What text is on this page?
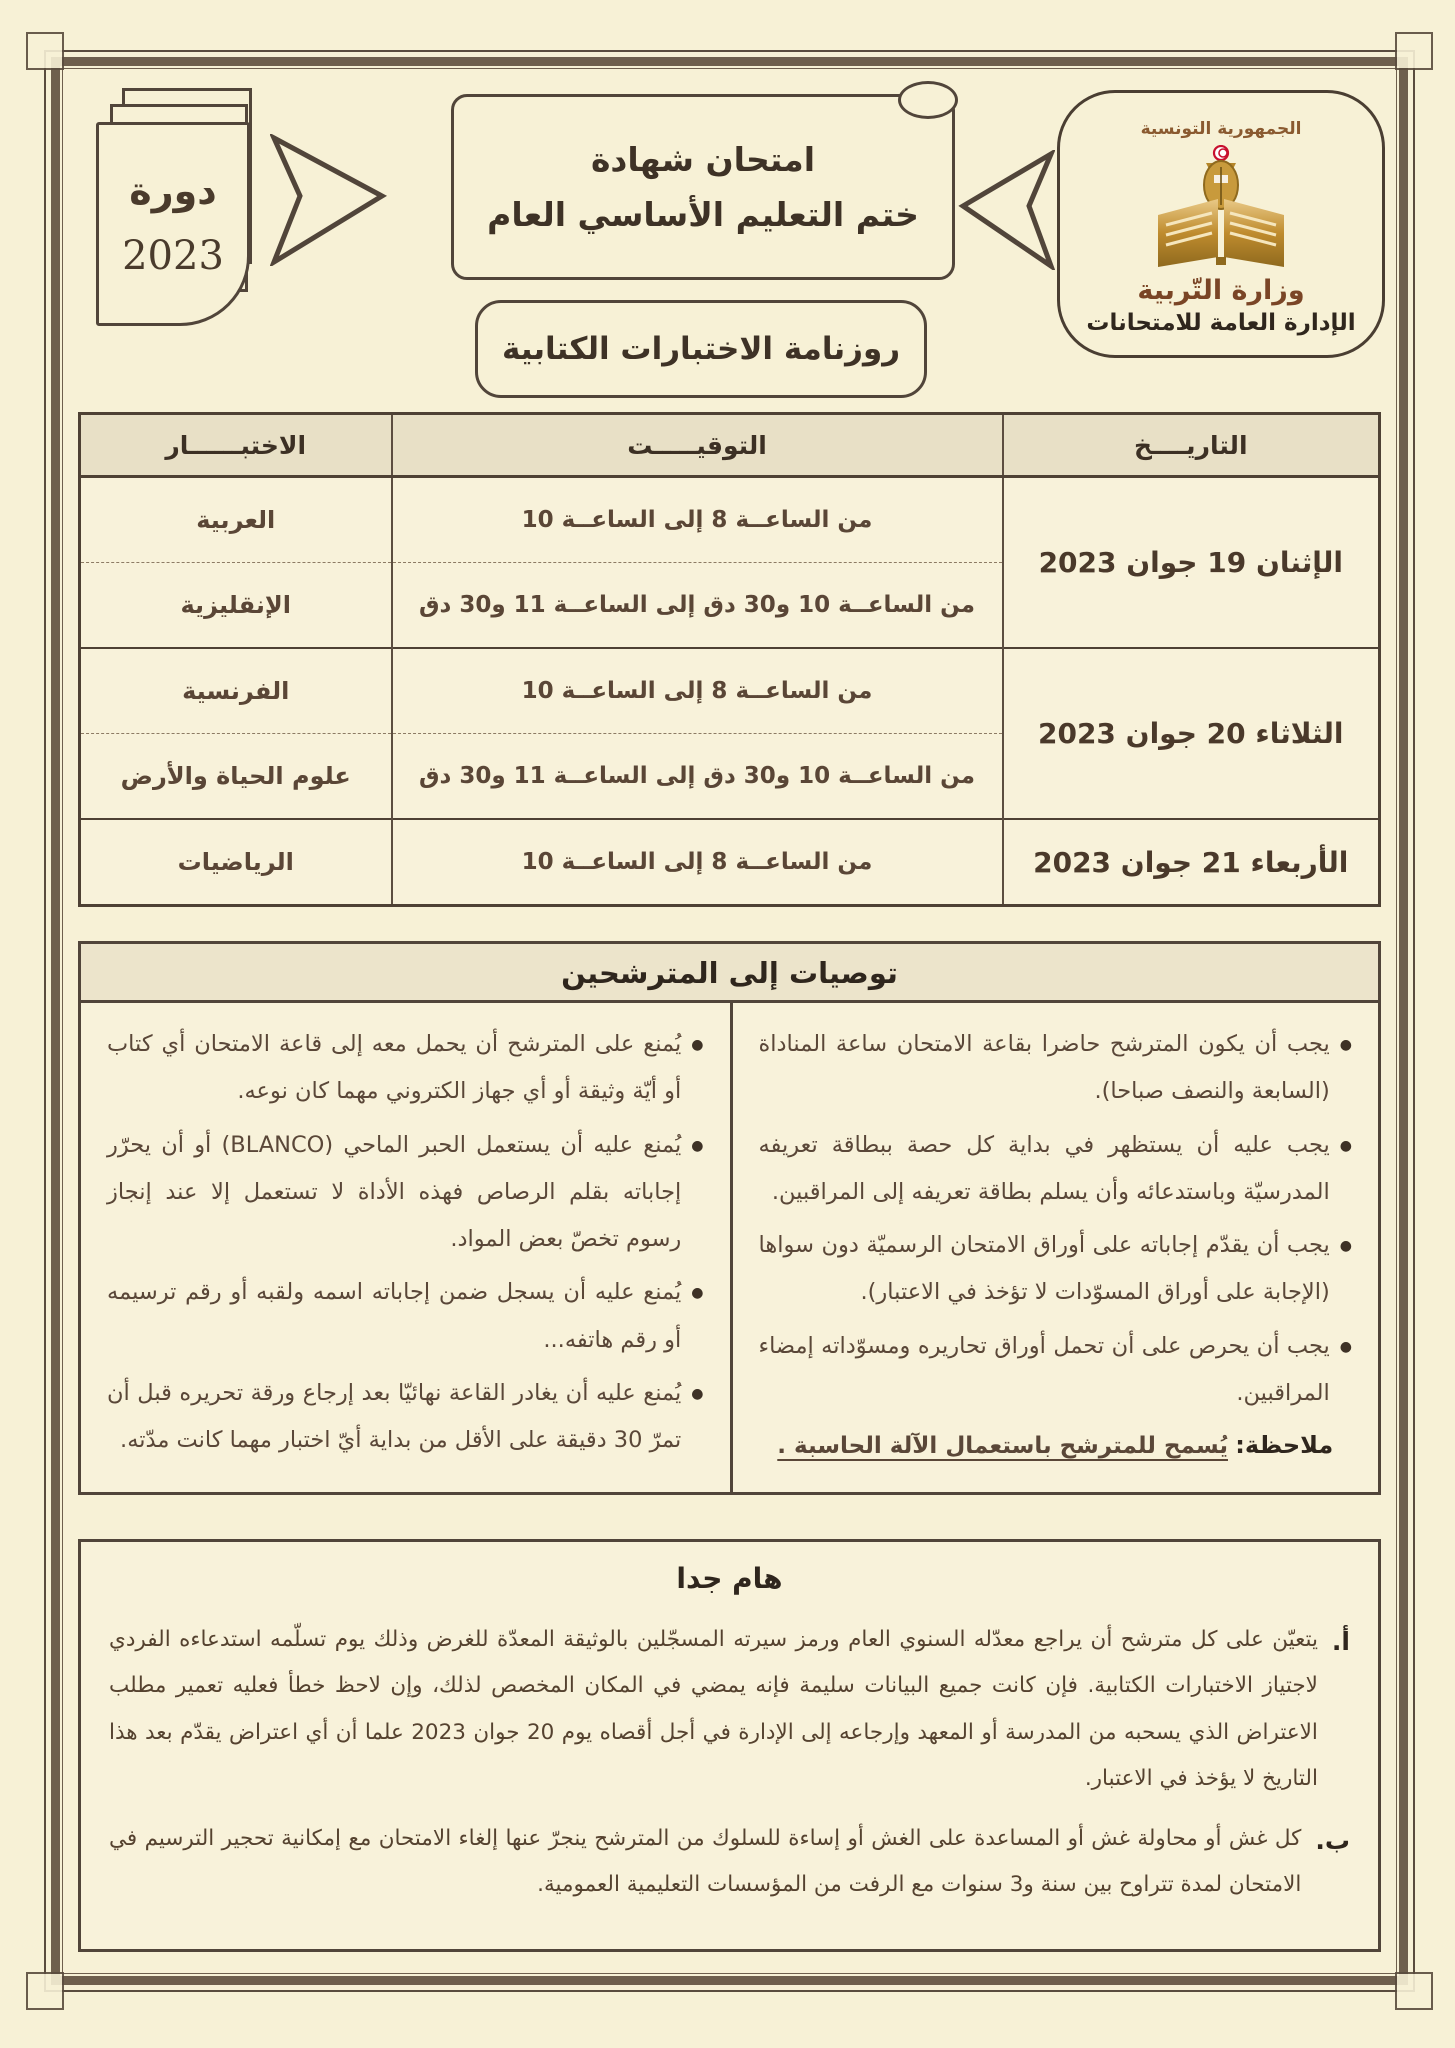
دورة
2023
امتحان شهادة
ختم التعليم الأساسي العام
روزنامة الاختبارات الكتابية
الجمهورية التونسية
وزارة التّربية
الإدارة العامة للامتحانات
التاريــــخ	التوقيـــــت	الاختبــــــار
الإثنان 19 جوان 2023	من الساعــة 8 إلى الساعــة 10	العربية
	من الساعــة 10 و30 دق إلى الساعــة 11 و30 دق	الإنقليزية
الثلاثاء 20 جوان 2023	من الساعــة 8 إلى الساعــة 10	الفرنسية
	من الساعــة 10 و30 دق إلى الساعــة 11 و30 دق	علوم الحياة والأرض
الأربعاء 21 جوان 2023	من الساعــة 8 إلى الساعــة 10	الرياضيات
توصيات إلى المترشحين
●
يجب أن يكون المترشح حاضرا بقاعة الامتحان ساعة المناداة (السابعة والنصف صباحا).
●
يجب عليه أن يستظهر في بداية كل حصة ببطاقة تعريفه المدرسيّة وباستدعائه وأن يسلم بطاقة تعريفه إلى المراقبين.
●
يجب أن يقدّم إجاباته على أوراق الامتحان الرسميّة دون سواها (الإجابة على أوراق المسوّدات لا تؤخذ في الاعتبار).
●
يجب أن يحرص على أن تحمل أوراق تحاريره ومسوّداته إمضاء المراقبين.
ملاحظة: يُسمح للمترشح باستعمال الآلة الحاسبة .
●
يُمنع على المترشح أن يحمل معه إلى قاعة الامتحان أي كتاب أو أيّة وثيقة أو أي جهاز الكتروني مهما كان نوعه.
●
يُمنع عليه أن يستعمل الحبر الماحي (BLANCO) أو أن يحرّر إجاباته بقلم الرصاص فهذه الأداة لا تستعمل إلا عند إنجاز رسوم تخصّ بعض المواد.
●
يُمنع عليه أن يسجل ضمن إجاباته اسمه ولقبه أو رقم ترسيمه أو رقم هاتفه...
●
يُمنع عليه أن يغادر القاعة نهائيّا بعد إرجاع ورقة تحريره قبل أن تمرّ 30 دقيقة على الأقل من بداية أيّ اختبار مهما كانت مدّته.
هام جدا
أ.

يتعيّن على كل مترشح أن يراجع معدّله السنوي العام ورمز سيرته المسجّلين بالوثيقة المعدّة للغرض وذلك يوم تسلّمه استدعاءه الفردي لاجتياز الاختبارات الكتابية. فإن كانت جميع البيانات سليمة فإنه يمضي في المكان المخصص لذلك، وإن لاحظ خطأ فعليه تعمير مطلب الاعتراض الذي يسحبه من المدرسة أو المعهد وإرجاعه إلى الإدارة في أجل أقصاه يوم 20 جوان 2023 علما أن أي اعتراض يقدّم بعد هذا التاريخ لا يؤخذ في الاعتبار.

ب.

كل غش أو محاولة غش أو المساعدة على الغش أو إساءة للسلوك من المترشح ينجرّ عنها إلغاء الامتحان مع إمكانية تحجير الترسيم في الامتحان لمدة تتراوح بين سنة و3 سنوات مع الرفت من المؤسسات التعليمية العمومية.
